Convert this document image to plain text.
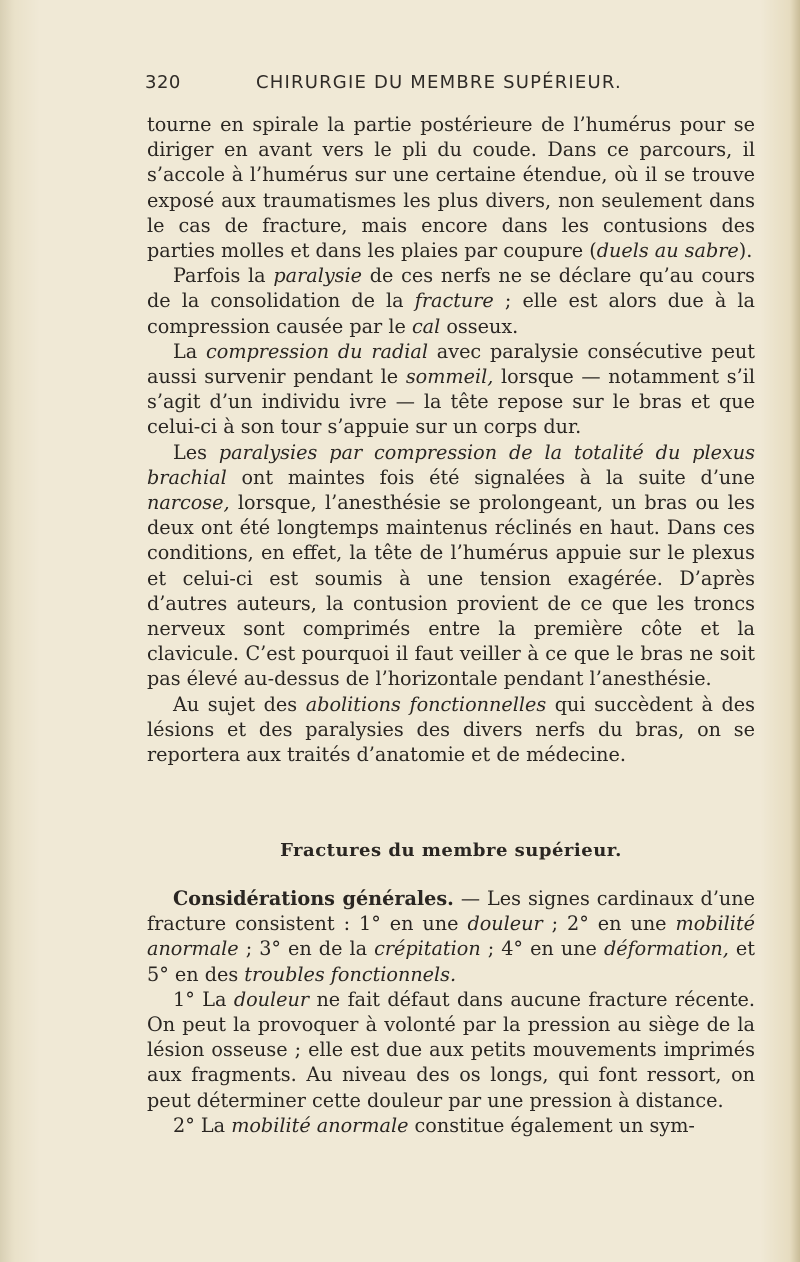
320	CHIRURGIE DU MEMBRE SUPÉRIEUR.

tourne en spirale la partie postérieure de l’humérus pour se diriger en avant vers le pli du coude. Dans ce parcours, il s’accole à l’humérus sur une certaine étendue, où il se trouve exposé aux traumatismes les plus divers, non seulement dans le cas de fracture, mais encore dans les contusions des parties molles et dans les plaies par coupure (duels au sabre).

Parfois la paralysie de ces nerfs ne se déclare qu’au cours de la consolidation de la fracture ; elle est alors due à la compression causée par le cal osseux.

La compression du radial avec paralysie consécutive peut aussi survenir pendant le sommeil, lorsque — notamment s’il s’agit d’un individu ivre — la tête repose sur le bras et que celui-ci à son tour s’appuie sur un corps dur.

Les paralysies par compression de la totalité du plexus brachial ont maintes fois été signalées à la suite d’une narcose, lorsque, l’anesthésie se prolongeant, un bras ou les deux ont été longtemps maintenus réclinés en haut. Dans ces conditions, en effet, la tête de l’humérus appuie sur le plexus et celui-ci est soumis à une tension exagérée. D’après d’autres auteurs, la contusion provient de ce que les troncs nerveux sont comprimés entre la première côte et la clavicule. C’est pourquoi il faut veiller à ce que le bras ne soit pas élevé au-dessus de l’horizontale pendant l’anesthésie.

Au sujet des abolitions fonctionnelles qui succèdent à des lésions et des paralysies des divers nerfs du bras, on se reportera aux traités d’anatomie et de médecine.

Fractures du membre supérieur.

Considérations générales. — Les signes cardinaux d’une fracture consistent : 1° en une douleur ; 2° en une mobilité anormale ; 3° en de la crépitation ; 4° en une déformation, et 5° en des troubles fonctionnels.

1° La douleur ne fait défaut dans aucune fracture récente. On peut la provoquer à volonté par la pression au siège de la lésion osseuse ; elle est due aux petits mouvements imprimés aux fragments. Au niveau des os longs, qui font ressort, on peut déterminer cette douleur par une pression à distance.

2° La mobilité anormale constitue également un sym-
